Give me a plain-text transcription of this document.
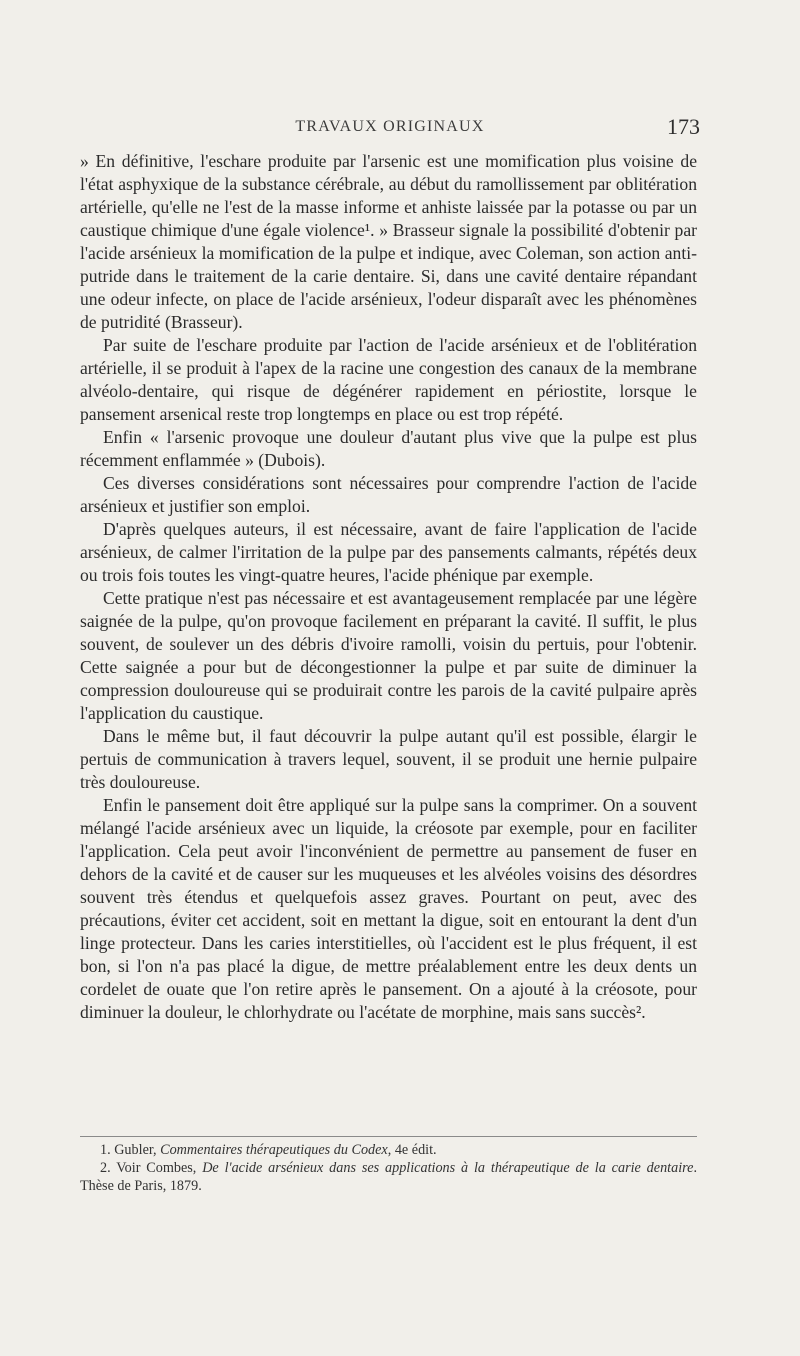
TRAVAUX ORIGINAUX	173

» En définitive, l'eschare produite par l'arsenic est une momification plus voisine de l'état asphyxique de la substance cérébrale, au début du ramollissement par oblitération artérielle, qu'elle ne l'est de la masse informe et anhiste laissée par la potasse ou par un caustique chimique d'une égale violence¹. » Brasseur signale la possibilité d'obtenir par l'acide arsénieux la momification de la pulpe et indique, avec Coleman, son action anti-putride dans le traitement de la carie dentaire. Si, dans une cavité dentaire répandant une odeur infecte, on place de l'acide arsénieux, l'odeur disparaît avec les phénomènes de putridité (Brasseur).

Par suite de l'eschare produite par l'action de l'acide arsénieux et de l'oblitération artérielle, il se produit à l'apex de la racine une congestion des canaux de la membrane alvéolo-dentaire, qui risque de dégénérer rapidement en périostite, lorsque le pansement arsenical reste trop longtemps en place ou est trop répété.

Enfin « l'arsenic provoque une douleur d'autant plus vive que la pulpe est plus récemment enflammée » (Dubois).

Ces diverses considérations sont nécessaires pour comprendre l'action de l'acide arsénieux et justifier son emploi.

D'après quelques auteurs, il est nécessaire, avant de faire l'application de l'acide arsénieux, de calmer l'irritation de la pulpe par des pansements calmants, répétés deux ou trois fois toutes les vingt-quatre heures, l'acide phénique par exemple.

Cette pratique n'est pas nécessaire et est avantageusement remplacée par une légère saignée de la pulpe, qu'on provoque facilement en préparant la cavité. Il suffit, le plus souvent, de soulever un des débris d'ivoire ramolli, voisin du pertuis, pour l'obtenir. Cette saignée a pour but de décongestionner la pulpe et par suite de diminuer la compression douloureuse qui se produirait contre les parois de la cavité pulpaire après l'application du caustique.

Dans le même but, il faut découvrir la pulpe autant qu'il est possible, élargir le pertuis de communication à travers lequel, souvent, il se produit une hernie pulpaire très douloureuse.

Enfin le pansement doit être appliqué sur la pulpe sans la comprimer. On a souvent mélangé l'acide arsénieux avec un liquide, la créosote par exemple, pour en faciliter l'application. Cela peut avoir l'inconvénient de permettre au pansement de fuser en dehors de la cavité et de causer sur les muqueuses et les alvéoles voisins des désordres souvent très étendus et quelquefois assez graves. Pourtant on peut, avec des précautions, éviter cet accident, soit en mettant la digue, soit en entourant la dent d'un linge protecteur. Dans les caries interstitielles, où l'accident est le plus fréquent, il est bon, si l'on n'a pas placé la digue, de mettre préalablement entre les deux dents un cordelet de ouate que l'on retire après le pansement. On a ajouté à la créosote, pour diminuer la douleur, le chlorhydrate ou l'acétate de morphine, mais sans succès².

1. Gubler, Commentaires thérapeutiques du Codex, 4e édit.

2. Voir Combes, De l'acide arsénieux dans ses applications à la thérapeutique de la carie dentaire. Thèse de Paris, 1879.
